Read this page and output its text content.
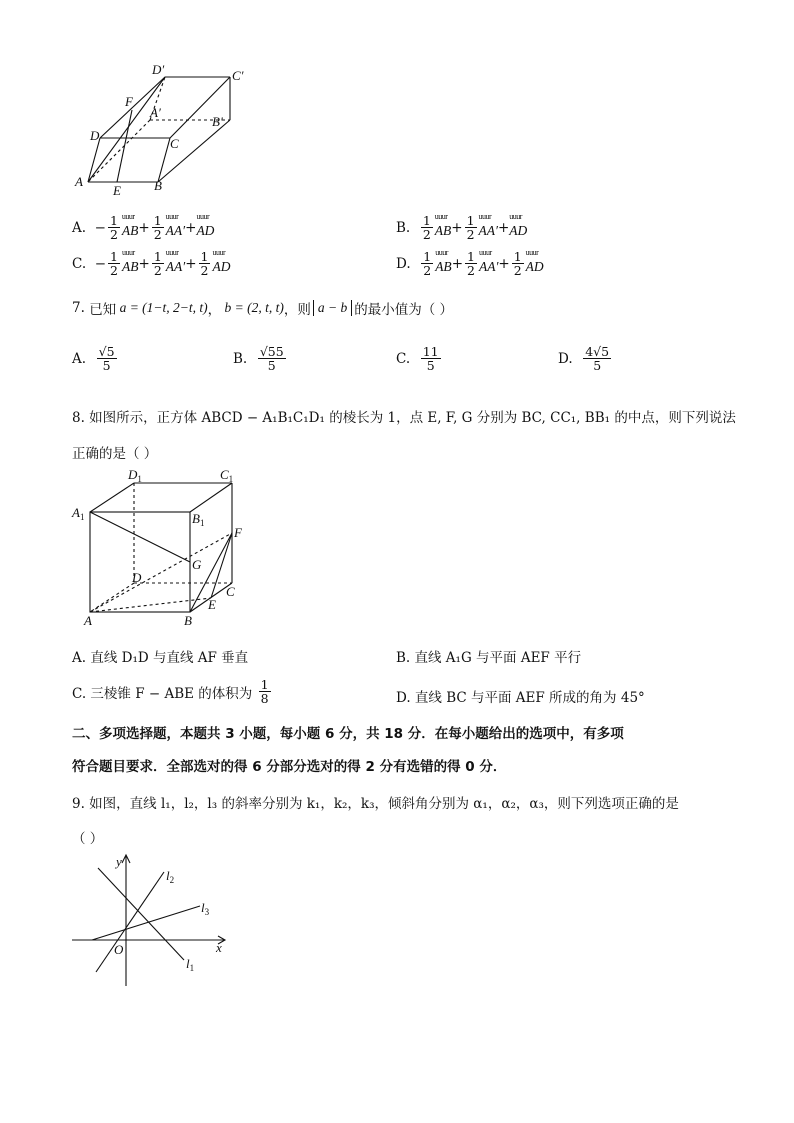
D′	C′
F
A′
B′
D
C
A
E	B
A. − $\frac{1}{2}$ uuur AB + $\frac{1}{2}$ uuur AA′ + uuur AD	B.
$\frac{1}{2}$ uuur AB + $\frac{1}{2}$ uuur AA′ + uuur AD
C. − $\frac{1}{2}$ uuur AB + $\frac{1}{2}$ uuur $AA' + \frac{1}{2}$ uuur AD	D.
$\frac{1}{2}$ uuur AB + $\frac{1}{2}$ uuur $AA' + \frac{1}{2}$ uuur AD
7.
已知 a = (1−t, 2−t, t) ， b = (2, t, t) ，则 a − b 的最小值为（ ）
A.
$\frac{√5}{5}$	B.
$\frac{√55}{5}$	C.
$\frac{11}{5}$	D.
$\frac{4√5}{5}$
8. 如图所示，正方体 ABCD − A₁B₁C₁D₁ 的棱长为 1，点 E, F, G 分别为 BC, CC₁, BB₁ 的中点，则下列说法
正确的是（ ）
$D_1$	$C_1$
$A_1$	$B_1$
F
G
D
C
E
A	B
A. 直线 D₁D 与直线 AF 垂直	B. 直线 A₁G 与平面 AEF 平行
C. 三棱锥 F − ABE 的体积为
$\frac{1}{8}$	D. 直线 BC 与平面 AEF 所成的角为 45°
二、多项选择题，本题共 3 小题，每小题 6 分，共 18 分．在每小题给出的选项中，有多项
符合题目要求．全部选对的得 6 分部分选对的得 2 分有选错的得 0 分．
9. 如图，直线 l₁，l₂，l₃ 的斜率分别为 k₁，k₂，k₃，倾斜角分别为 α₁，α₂，α₃，则下列选项正确的是
（ ）
y
x
O
$l_2$
$l_3$
$l_1$
